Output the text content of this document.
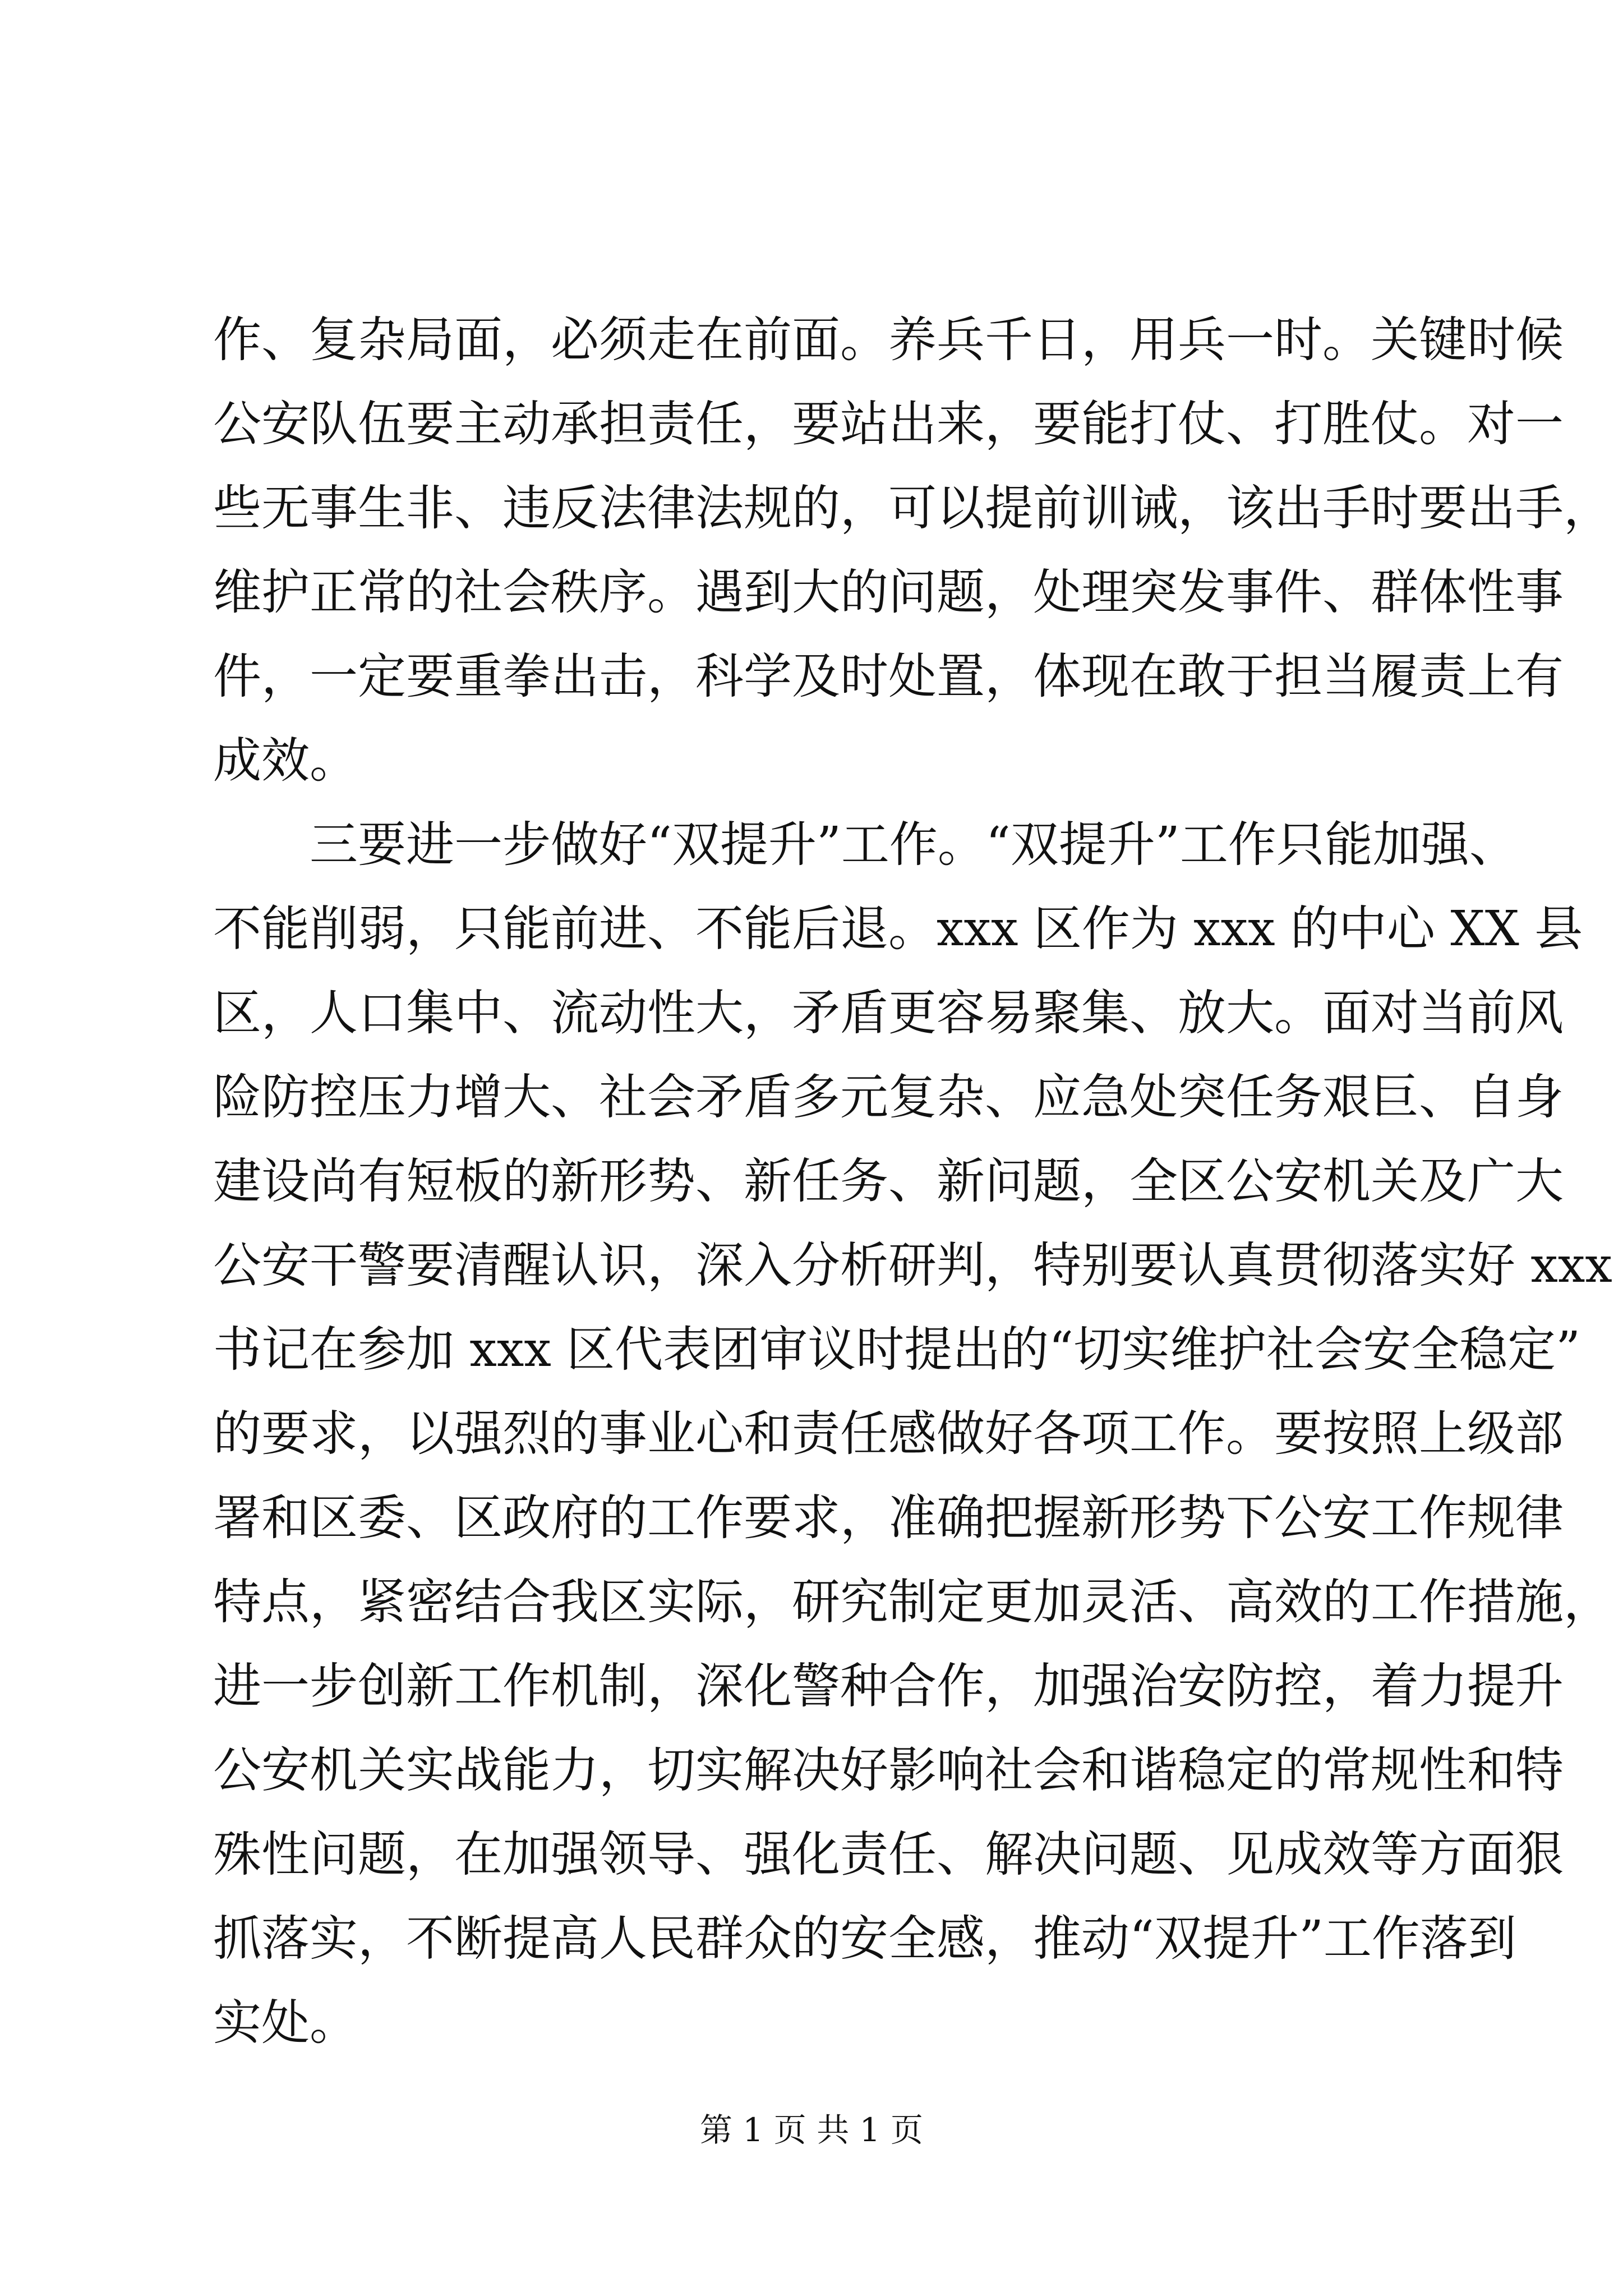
作、复杂局面，必须走在前面。养兵千日，用兵一时。关键时候
公安队伍要主动承担责任，要站出来，要能打仗、打胜仗。对一
些无事生非、违反法律法规的，可以提前训诫，该出手时要出手，
维护正常的社会秩序。遇到大的问题，处理突发事件、群体性事
件，一定要重拳出击，科学及时处置，体现在敢于担当履责上有
成效。
三要进一步做好“双提升”工作。“双提升”工作只能加强、
不能削弱，只能前进、不能后退。xxx 区作为 xxx 的中心 XX 县
区，人口集中、流动性大，矛盾更容易聚集、放大。面对当前风
险防控压力增大、社会矛盾多元复杂、应急处突任务艰巨、自身
建设尚有短板的新形势、新任务、新问题，全区公安机关及广大
公安干警要清醒认识，深入分析研判，特别要认真贯彻落实好 xxx
书记在参加 xxx 区代表团审议时提出的“切实维护社会安全稳定”
的要求，以强烈的事业心和责任感做好各项工作。要按照上级部
署和区委、区政府的工作要求，准确把握新形势下公安工作规律
特点，紧密结合我区实际，研究制定更加灵活、高效的工作措施，
进一步创新工作机制，深化警种合作，加强治安防控，着力提升
公安机关实战能力，切实解决好影响社会和谐稳定的常规性和特
殊性问题，在加强领导、强化责任、解决问题、见成效等方面狠
抓落实，不断提高人民群众的安全感，推动“双提升”工作落到
实处。
第 1 页 共 1 页
